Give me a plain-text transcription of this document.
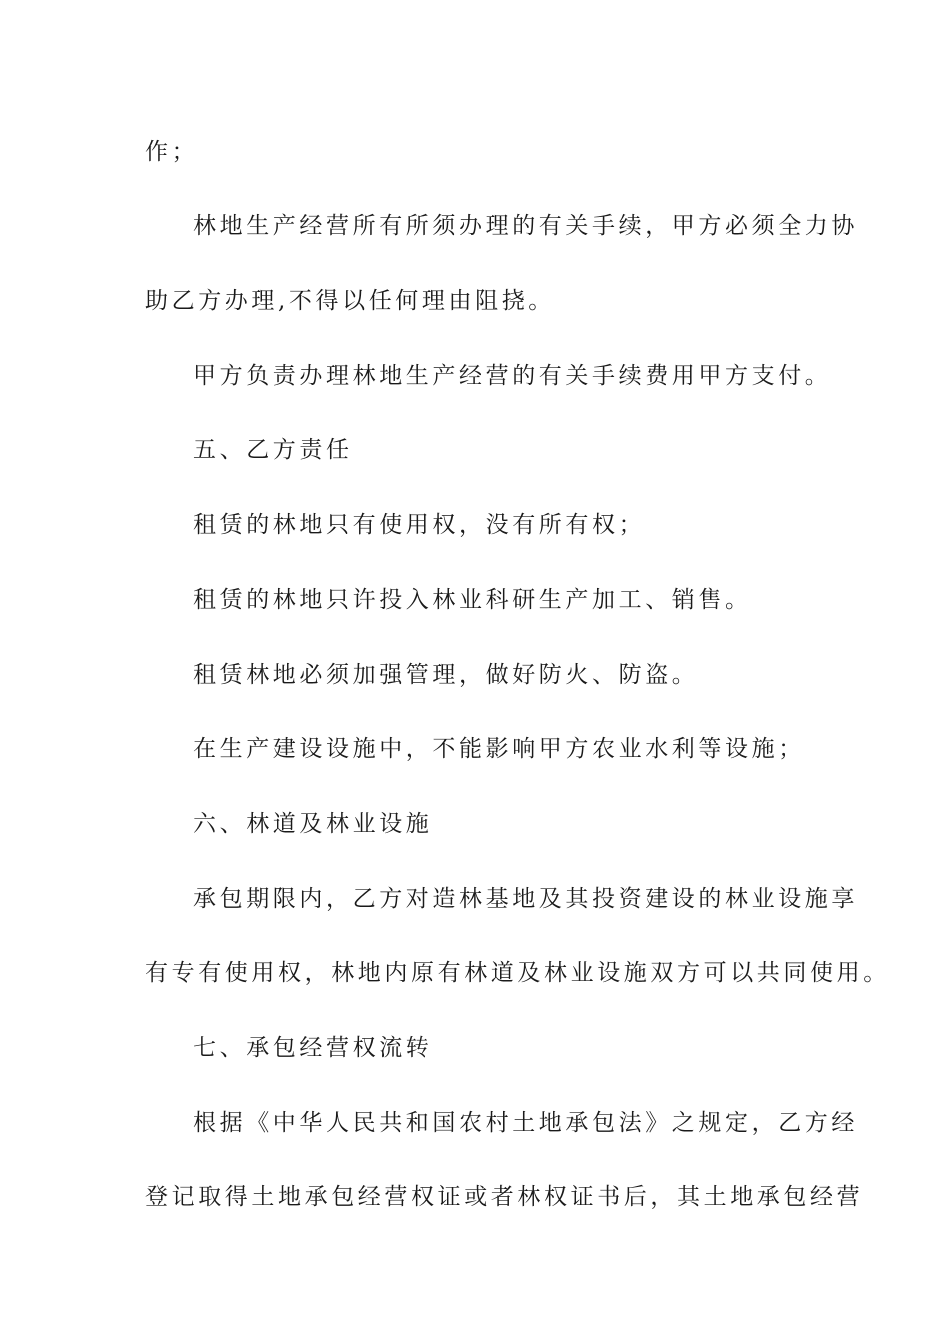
作；
林地生产经营所有所须办理的有关手续，甲方必须全力协
助乙方办理,不得以任何理由阻挠。
甲方负责办理林地生产经营的有关手续费用甲方支付。
五、乙方责任
租赁的林地只有使用权，没有所有权；
租赁的林地只许投入林业科研生产加工、销售。
租赁林地必须加强管理，做好防火、防盗。
在生产建设设施中，不能影响甲方农业水利等设施；
六、林道及林业设施
承包期限内，乙方对造林基地及其投资建设的林业设施享
有专有使用权，林地内原有林道及林业设施双方可以共同使用。
七、承包经营权流转
根据《中华人民共和国农村土地承包法》之规定，乙方经
登记取得土地承包经营权证或者林权证书后，其土地承包经营
